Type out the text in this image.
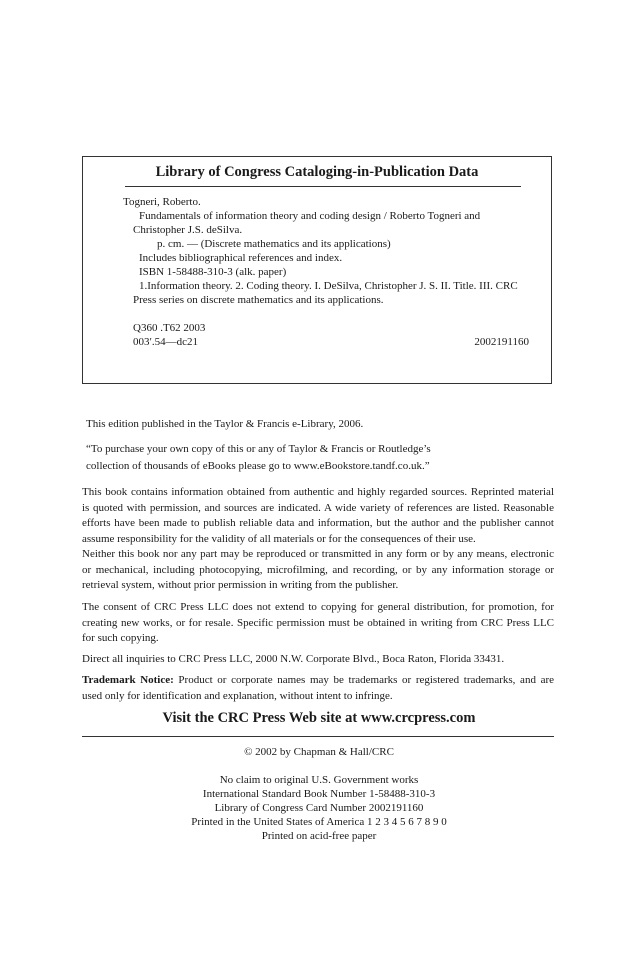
Library of Congress Cataloging-in-Publication Data
Togneri, Roberto.
Fundamentals of information theory and coding design / Roberto Togneri and
Christopher J.S. deSilva.
p. cm. — (Discrete mathematics and its applications)
Includes bibliographical references and index.
ISBN 1-58488-310-3 (alk. paper)
1.Information theory. 2. Coding theory. I. DeSilva, Christopher J. S. II. Title. III. CRC
Press series on discrete mathematics and its applications.
Q360 .T62 2003
003′.54—dc21	2002191160
This edition published in the Taylor & Francis e-Library, 2006.
“To purchase your own copy of this or any of Taylor & Francis or Routledge’s
collection of thousands of eBooks please go to www.eBookstore.tandf.co.uk.”
This book contains information obtained from authentic and highly regarded sources. Reprinted material
is quoted with permission, and sources are indicated. A wide variety of references are listed. Reasonable
efforts have been made to publish reliable data and information, but the author and the publisher cannot
assume responsibility for the validity of all materials or for the consequences of their use.
Neither this book nor any part may be reproduced or transmitted in any form or by any means, electronic
or mechanical, including photocopying, microfilming, and recording, or by any information storage or
retrieval system, without prior permission in writing from the publisher.
The consent of CRC Press LLC does not extend to copying for general distribution, for promotion, for
creating new works, or for resale. Specific permission must be obtained in writing from CRC Press LLC
for such copying.
Direct all inquiries to CRC Press LLC, 2000 N.W. Corporate Blvd., Boca Raton, Florida 33431.
Trademark Notice: Product or corporate names may be trademarks or registered trademarks, and are
used only for identification and explanation, without intent to infringe.
Visit the CRC Press Web site at www.crcpress.com
© 2002 by Chapman & Hall/CRC
No claim to original U.S. Government works
International Standard Book Number 1-58488-310-3
Library of Congress Card Number 2002191160
Printed in the United States of America 1 2 3 4 5 6 7 8 9 0
Printed on acid-free paper
